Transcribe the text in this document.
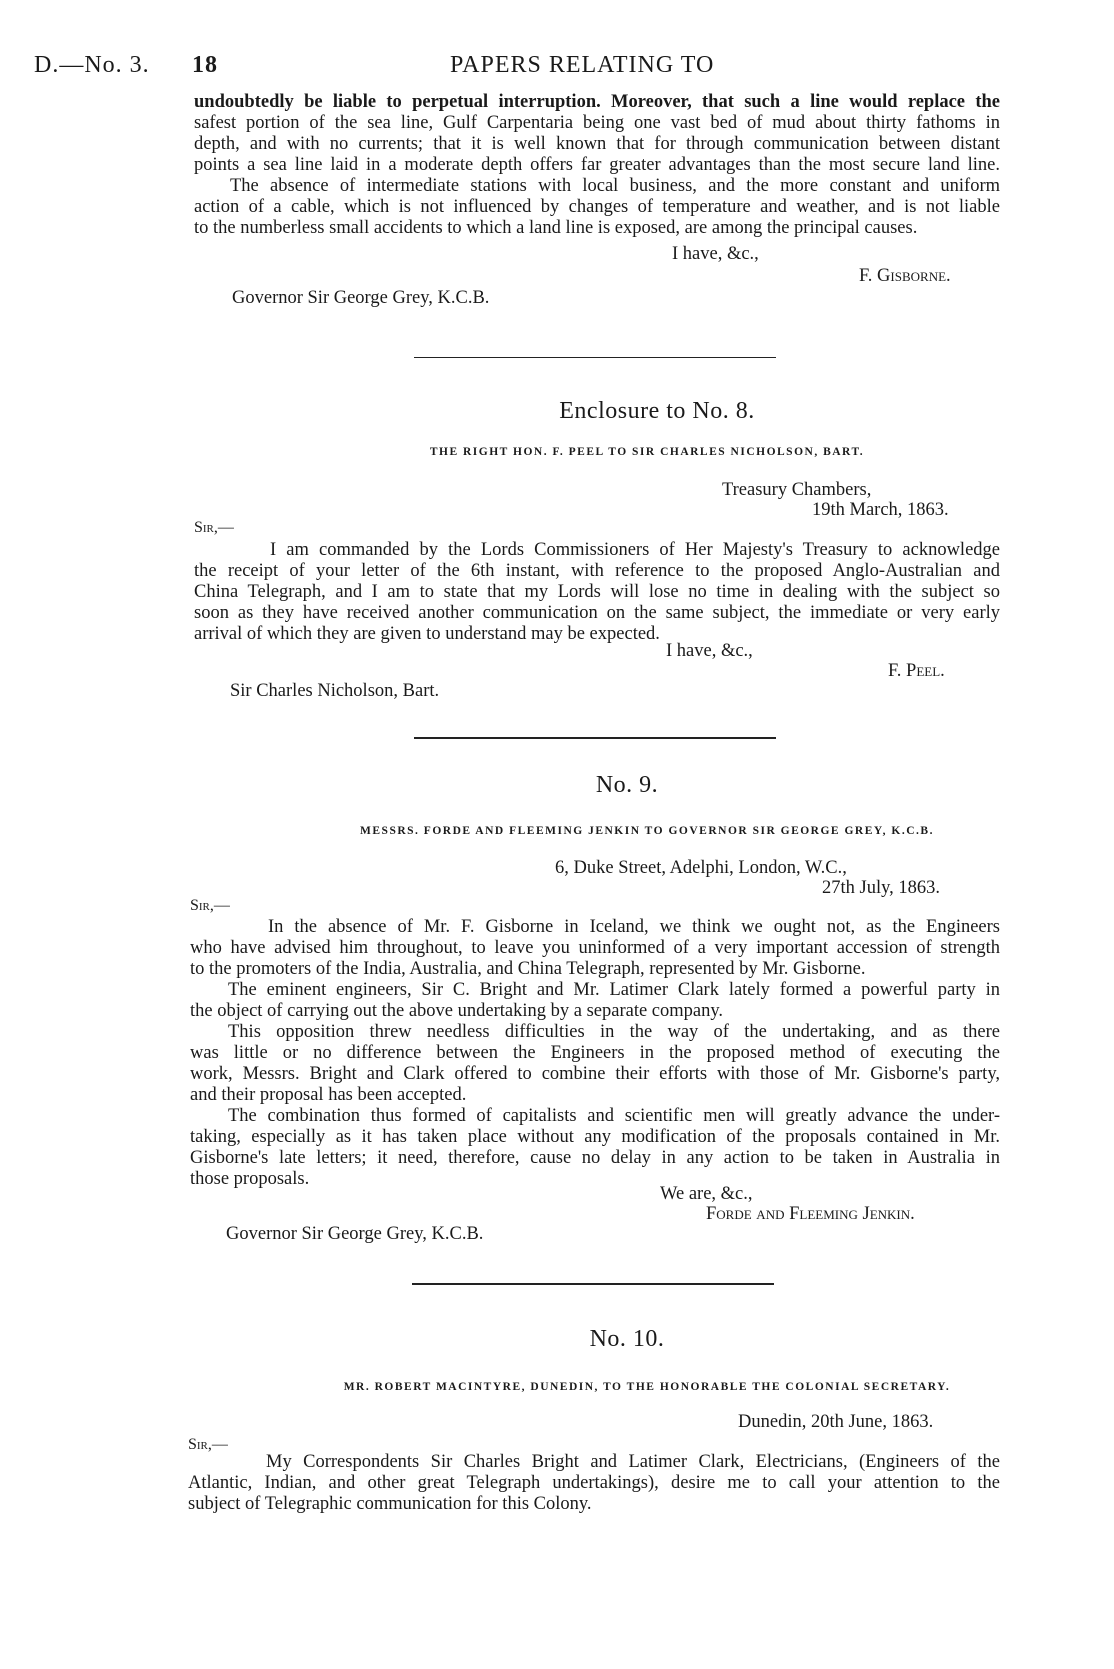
D.—No. 3. 18	PAPERS RELATING TO
undoubtedly be liable to perpetual interruption. Moreover, that such a line would replace the
safest portion of the sea line, Gulf Carpentaria being one vast bed of mud about thirty fathoms in
depth, and with no currents; that it is well known that for through communication between distant
points a sea line laid in a moderate depth offers far greater advantages than the most secure land line.
The absence of intermediate stations with local business, and the more constant and uniform
action of a cable, which is not influenced by changes of temperature and weather, and is not liable
to the numberless small accidents to which a land line is exposed, are among the principal causes.
I have, &c.,
F. Gisborne.
Governor Sir George Grey, K.C.B.
Enclosure to No. 8.
THE RIGHT HON. F. PEEL TO SIR CHARLES NICHOLSON, BART.
Treasury Chambers,
19th March, 1863.
Sir,—
I am commanded by the Lords Commissioners of Her Majesty's Treasury to acknowledge
the receipt of your letter of the 6th instant, with reference to the proposed Anglo-Australian and
China Telegraph, and I am to state that my Lords will lose no time in dealing with the subject so
soon as they have received another communication on the same subject, the immediate or very early
arrival of which they are given to understand may be expected.
I have, &c.,
F. Peel.
Sir Charles Nicholson, Bart.
No. 9.
MESSRS. FORDE AND FLEEMING JENKIN TO GOVERNOR SIR GEORGE GREY, K.C.B.
6, Duke Street, Adelphi, London, W.C.,
27th July, 1863.
Sir,—
In the absence of Mr. F. Gisborne in Iceland, we think we ought not, as the Engineers
who have advised him throughout, to leave you uninformed of a very important accession of strength
to the promoters of the India, Australia, and China Telegraph, represented by Mr. Gisborne.
The eminent engineers, Sir C. Bright and Mr. Latimer Clark lately formed a powerful party in
the object of carrying out the above undertaking by a separate company.
This opposition threw needless difficulties in the way of the undertaking, and as there
was little or no difference between the Engineers in the proposed method of executing the
work, Messrs. Bright and Clark offered to combine their efforts with those of Mr. Gisborne's party,
and their proposal has been accepted.
The combination thus formed of capitalists and scientific men will greatly advance the under-
taking, especially as it has taken place without any modification of the proposals contained in Mr.
Gisborne's late letters; it need, therefore, cause no delay in any action to be taken in Australia in
those proposals.
We are, &c.,
Forde and Fleeming Jenkin.
Governor Sir George Grey, K.C.B.
No. 10.
MR. ROBERT MACINTYRE, DUNEDIN, TO THE HONORABLE THE COLONIAL SECRETARY.
Dunedin, 20th June, 1863.
Sir,—
My Correspondents Sir Charles Bright and Latimer Clark, Electricians, (Engineers of the
Atlantic, Indian, and other great Telegraph undertakings), desire me to call your attention to the
subject of Telegraphic communication for this Colony.
